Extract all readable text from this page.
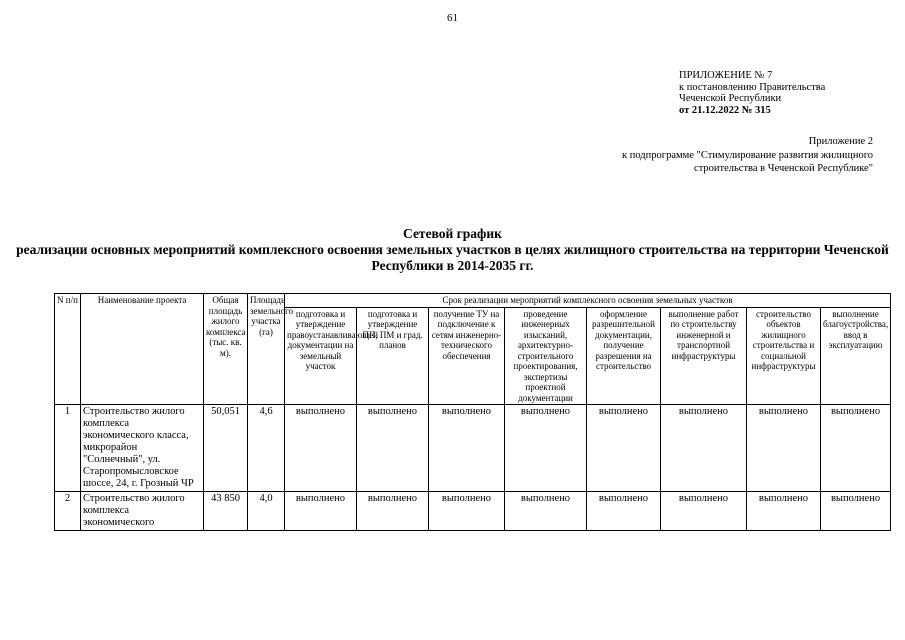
61
ПРИЛОЖЕНИЕ № 7
к постановлению Правительства
Чеченской Республики
от 21.12.2022 № 315
Приложение 2
к подпрограмме "Стимулирование развития жилищного строительства в Чеченской Республике"
Сетевой график
реализации основных мероприятий комплексного освоения земельных участков в целях жилищного строительства на территории Чеченской Республики в 2014-2035 гг.
N п/п	Наименование проекта	Общая площадь жилого комплекса (тыс. кв. м).	Площадь земельного участка (га)	Срок реализации мероприятий комплексного освоения земельных участков							
				подготовка и утверждение правоустанавливающей документации на земельный участок	подготовка и утверждение ПП, ПМ и град. планов	получение ТУ на подключение к сетям инженерно-технического обеспечения	проведение инженерных изысканий, архитектурно-строительного проектирования, экспертизы проектной документации	оформление разрешительной документации, получение разрешения на строительство	выполнение работ по строительству инженерной и транспортной инфраструктуры	строительство объектов жилищного строительства и социальной инфраструктуры	выполнение благоустройства, ввод в эксплуатацию
1	Строительство жилого комплекса экономического класса, микрорайон "Солнечный", ул. Старопромысловское шоссе, 24, г. Грозный ЧР	50,051	4,6	выполнено	выполнено	выполнено	выполнено	выполнено	выполнено	выполнено	выполнено
2	Строительство жилого комплекса экономического	43 850	4,0	выполнено	выполнено	выполнено	выполнено	выполнено	выполнено	выполнено	выполнено
